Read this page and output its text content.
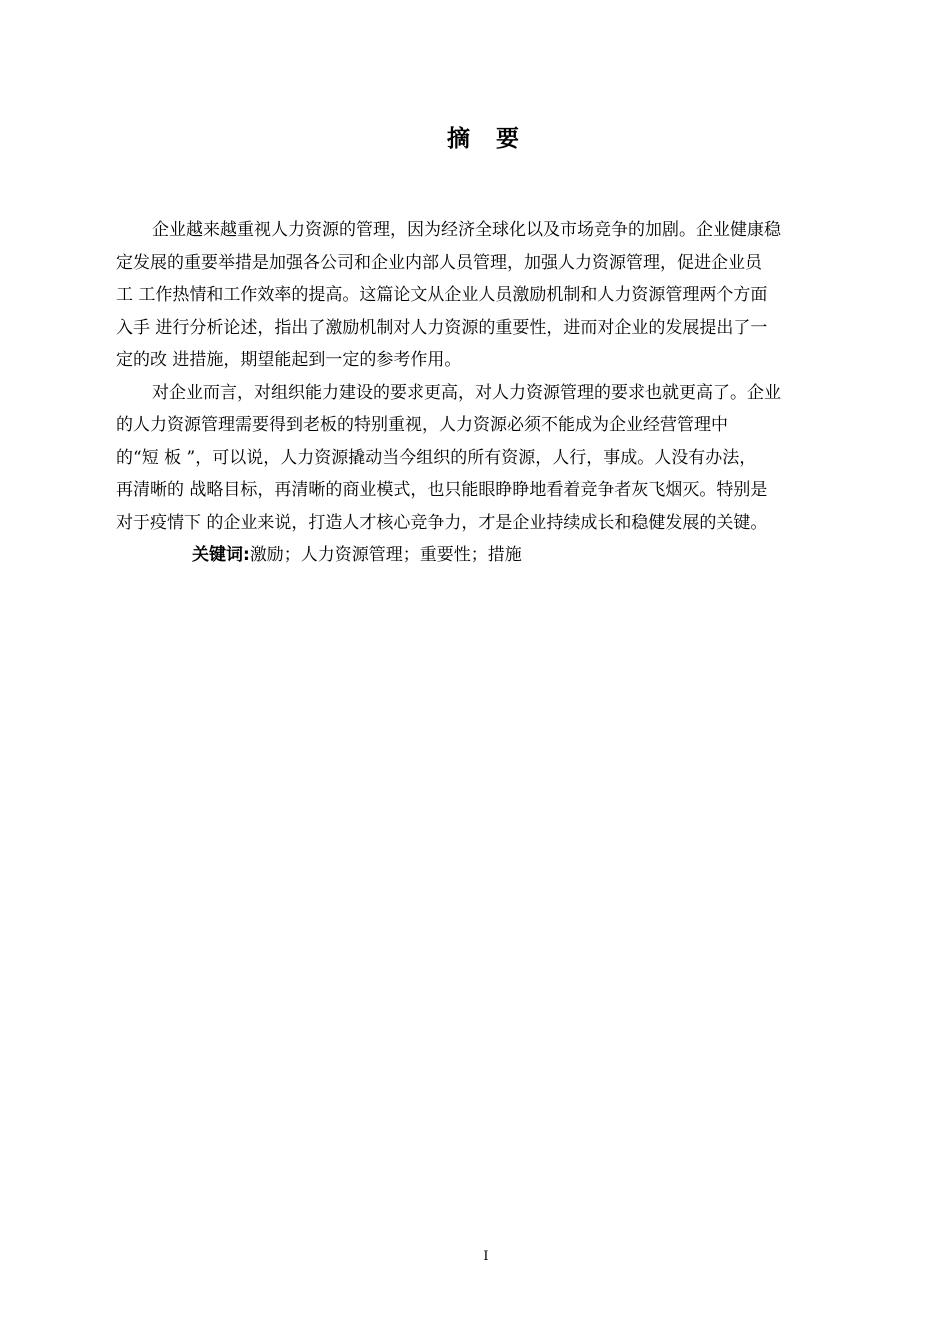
摘 要
企业越来越重视人力资源的管理，因为经济全球化以及市场竞争的加剧。企业健康稳
定发展的重要举措是加强各公司和企业内部人员管理，加强人力资源管理，促进企业员
工 工作热情和工作效率的提高。这篇论文从企业人员激励机制和人力资源管理两个方面
入手 进行分析论述，指出了激励机制对人力资源的重要性，进而对企业的发展提出了一
定的改 进措施，期望能起到一定的参考作用。
对企业而言，对组织能力建设的要求更高，对人力资源管理的要求也就更高了。企业
的人力资源管理需要得到老板的特别重视，人力资源必须不能成为企业经营管理中
的“短 板 ”，可以说，人力资源撬动当今组织的所有资源，人行，事成。人没有办法，
再清晰的 战略目标，再清晰的商业模式，也只能眼睁睁地看着竞争者灰飞烟灭。特别是
对于疫情下 的企业来说，打造人才核心竞争力，才是企业持续成长和稳健发展的关键。
关键词:激励；人力资源管理；重要性；措施
I
